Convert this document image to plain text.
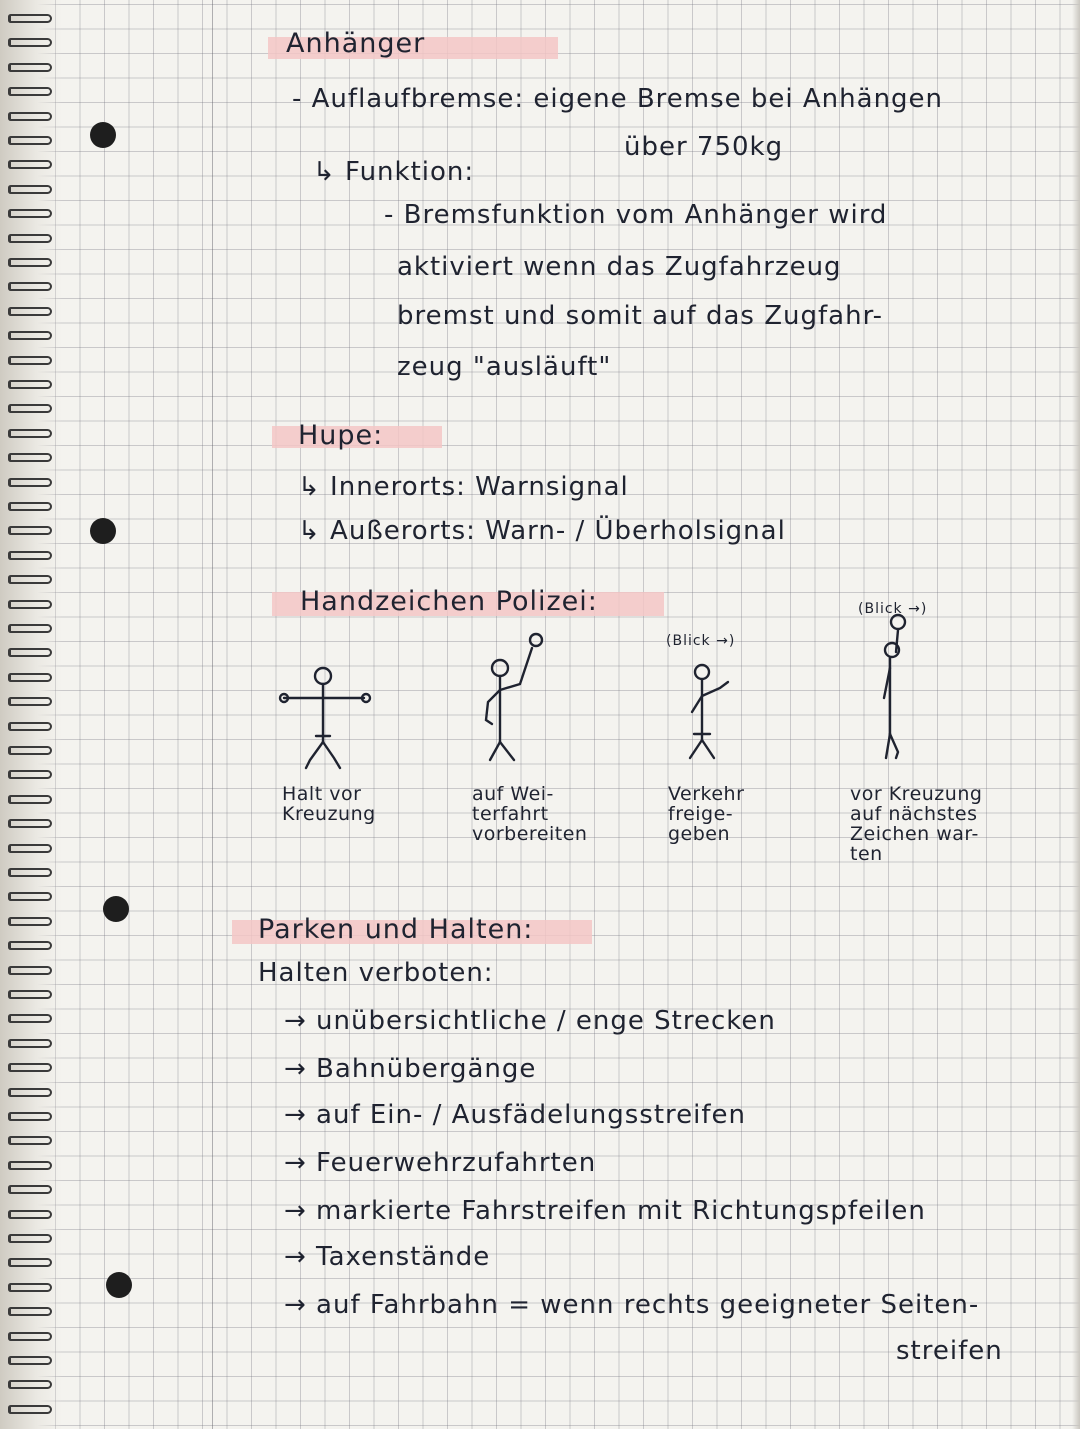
Anhänger

- Auflaufbremse: eigene Bremse bei Anhängen

über 750kg

↳ Funktion:

- Bremsfunktion vom Anhänger wird

aktiviert wenn das Zugfahrzeug

bremst und somit auf das Zugfahr-

zeug "ausläuft"

Hupe:

↳ Innerorts: Warnsignal

↳ Außerorts: Warn- / Überholsignal

Handzeichen Polizei:

(Blick →)

(Blick →)

Halt vor
Kreuzung

auf Wei-
terfahrt
vorbereiten

Verkehr
freige-
geben

vor Kreuzung
auf nächstes
Zeichen war-
ten

Parken und Halten:

Halten verboten:

→ unübersichtliche / enge Strecken

→ Bahnübergänge

→ auf Ein- / Ausfädelungsstreifen

→ Feuerwehrzufahrten

→ markierte Fahrstreifen mit Richtungspfeilen

→ Taxenstände

→ auf Fahrbahn = wenn rechts geeigneter Seiten-

streifen
